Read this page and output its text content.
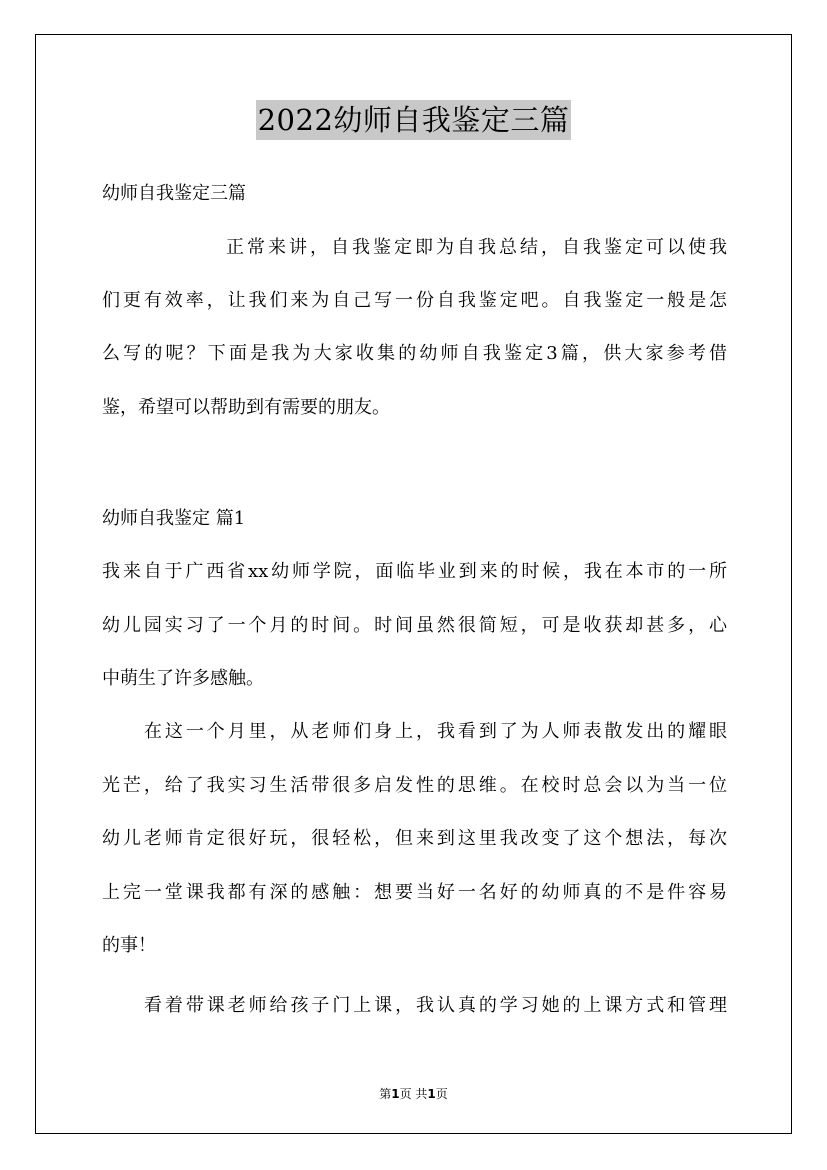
2022幼师自我鉴定三篇
幼师自我鉴定三篇
正常来讲，自我鉴定即为自我总结，自我鉴定可以使我
们更有效率，让我们来为自己写一份自我鉴定吧。自我鉴定一般是怎
么写的呢？下面是我为大家收集的幼师自我鉴定3篇，供大家参考借
鉴，希望可以帮助到有需要的朋友。
幼师自我鉴定 篇1
我来自于广西省xx幼师学院，面临毕业到来的时候，我在本市的一所
幼儿园实习了一个月的时间。时间虽然很简短，可是收获却甚多，心
中萌生了许多感触。
在这一个月里，从老师们身上，我看到了为人师表散发出的耀眼
光芒，给了我实习生活带很多启发性的思维。在校时总会以为当一位
幼儿老师肯定很好玩，很轻松，但来到这里我改变了这个想法，每次
上完一堂课我都有深的感触：想要当好一名好的幼师真的不是件容易
的事！
看着带课老师给孩子门上课，我认真的学习她的上课方式和管理
第1页 共1页
